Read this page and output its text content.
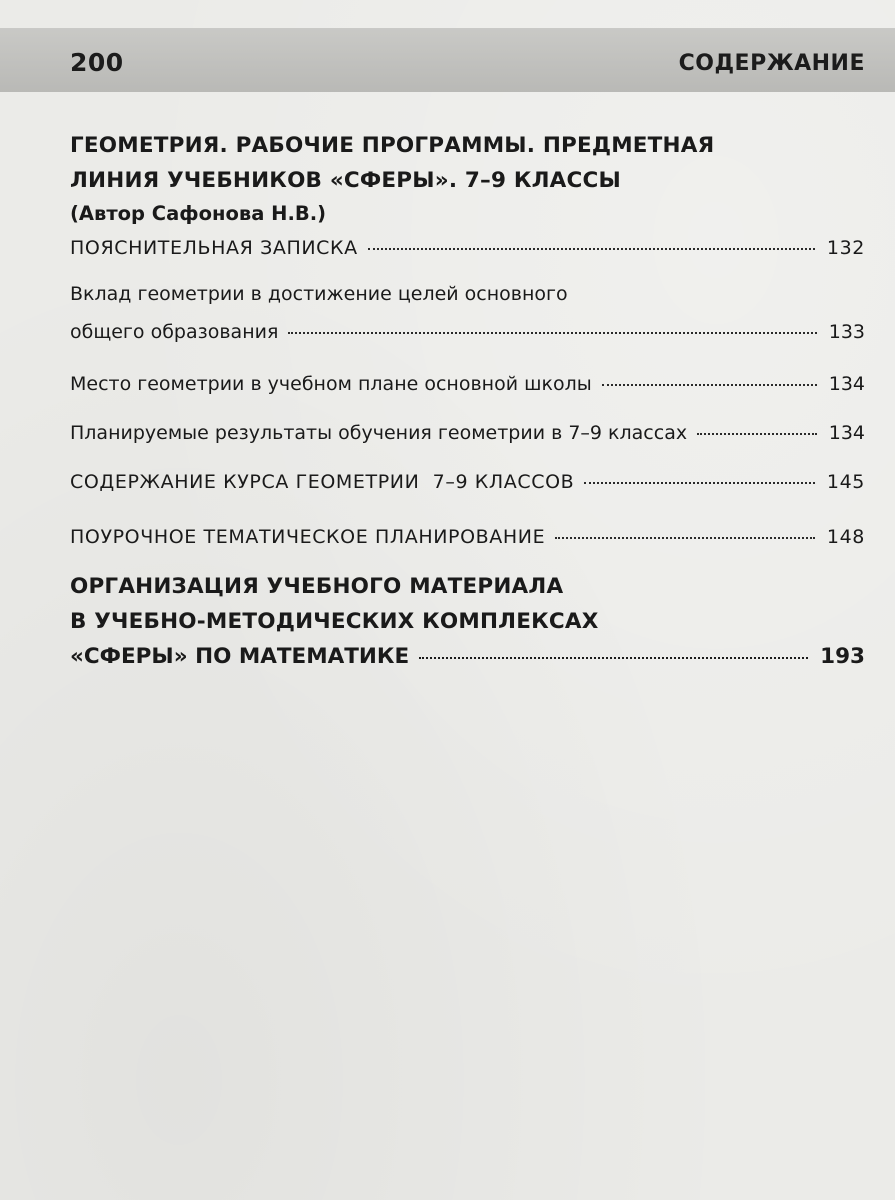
200	СОДЕРЖАНИЕ
ГЕОМЕТРИЯ. РАБОЧИЕ ПРОГРАММЫ. ПРЕДМЕТНАЯ
ЛИНИЯ УЧЕБНИКОВ «СФЕРЫ». 7–9 КЛАССЫ
(Автор Сафонова Н.В.)
ПОЯСНИТЕЛЬНАЯ ЗАПИСКА	132
Вклад геометрии в достижение целей основного
общего образования	133
Место геометрии в учебном плане основной школы	134
Планируемые результаты обучения геометрии в 7–9 классах	134
СОДЕРЖАНИЕ КУРСА ГЕОМЕТРИИ  7–9 КЛАССОВ	145
ПОУРОЧНОЕ ТЕМАТИЧЕСКОЕ ПЛАНИРОВАНИЕ	148
ОРГАНИЗАЦИЯ УЧЕБНОГО МАТЕРИАЛА
В УЧЕБНО-МЕТОДИЧЕСКИХ КОМПЛЕКСАХ
«СФЕРЫ» ПО МАТЕМАТИКЕ	193
